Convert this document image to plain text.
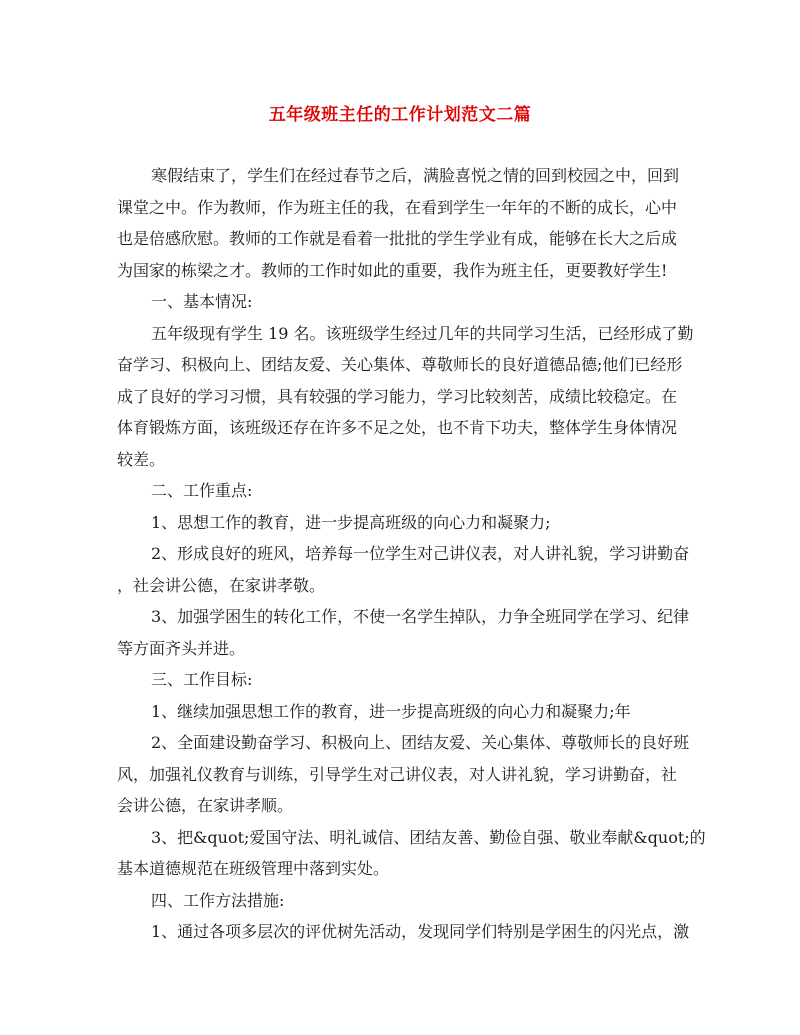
五年级班主任的工作计划范文二篇
寒假结束了，学生们在经过春节之后，满脸喜悦之情的回到校园之中，回到
课堂之中。作为教师，作为班主任的我，在看到学生一年年的不断的成长，心中
也是倍感欣慰。教师的工作就是看着一批批的学生学业有成，能够在长大之后成
为国家的栋梁之才。教师的工作时如此的重要，我作为班主任，更要教好学生!
一、基本情况:
五年级现有学生 19 名。该班级学生经过几年的共同学习生活，已经形成了勤
奋学习、积极向上、团结友爱、关心集体、尊敬师长的良好道德品德;他们已经形
成了良好的学习习惯，具有较强的学习能力，学习比较刻苦，成绩比较稳定。在
体育锻炼方面，该班级还存在许多不足之处，也不肯下功夫，整体学生身体情况
较差。
二、工作重点:
1、思想工作的教育，进一步提高班级的向心力和凝聚力;
2、形成良好的班风，培养每一位学生对己讲仪表，对人讲礼貌，学习讲勤奋
，社会讲公德，在家讲孝敬。
3、加强学困生的转化工作，不使一名学生掉队，力争全班同学在学习、纪律
等方面齐头并进。
三、工作目标:
1、继续加强思想工作的教育，进一步提高班级的向心力和凝聚力;年
2、全面建设勤奋学习、积极向上、团结友爱、关心集体、尊敬师长的良好班
风，加强礼仪教育与训练，引导学生对己讲仪表，对人讲礼貌，学习讲勤奋，社
会讲公德，在家讲孝顺。
3、把&quot;爱国守法、明礼诚信、团结友善、勤俭自强、敬业奉献&quot;的
基本道德规范在班级管理中落到实处。
四、工作方法措施:
1、通过各项多层次的评优树先活动，发现同学们特别是学困生的闪光点，激
